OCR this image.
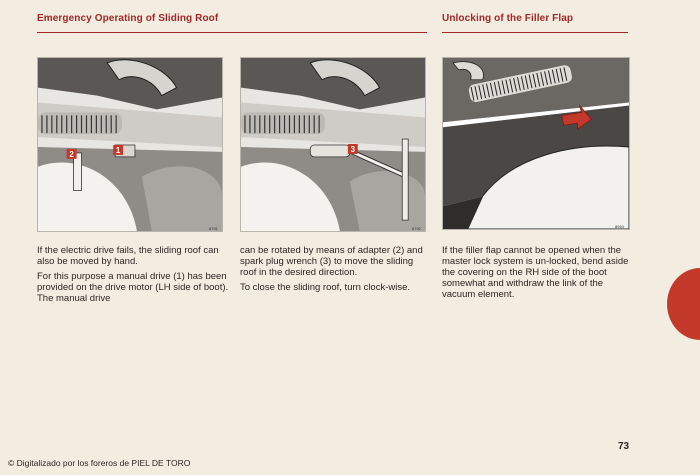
Emergency Operating of Sliding Roof	Unlocking of the Filler Flap
2	1
8791
3
8792	8953

If the electric drive fails, the sliding roof can also be moved by hand.

For this purpose a manual drive (1) has been provided on the drive motor (LH side of boot). The manual drive

can be rotated by means of adapter (2) and spark plug wrench (3) to move the sliding roof in the desired direction.

To close the sliding roof, turn clock-wise.

If the filler flap cannot be opened when the master lock system is un-locked, bend aside the covering on the RH side of the boot somewhat and withdraw the link of the vacuum element.

73
© Digitalizado por los foreros de PIEL DE TORO
